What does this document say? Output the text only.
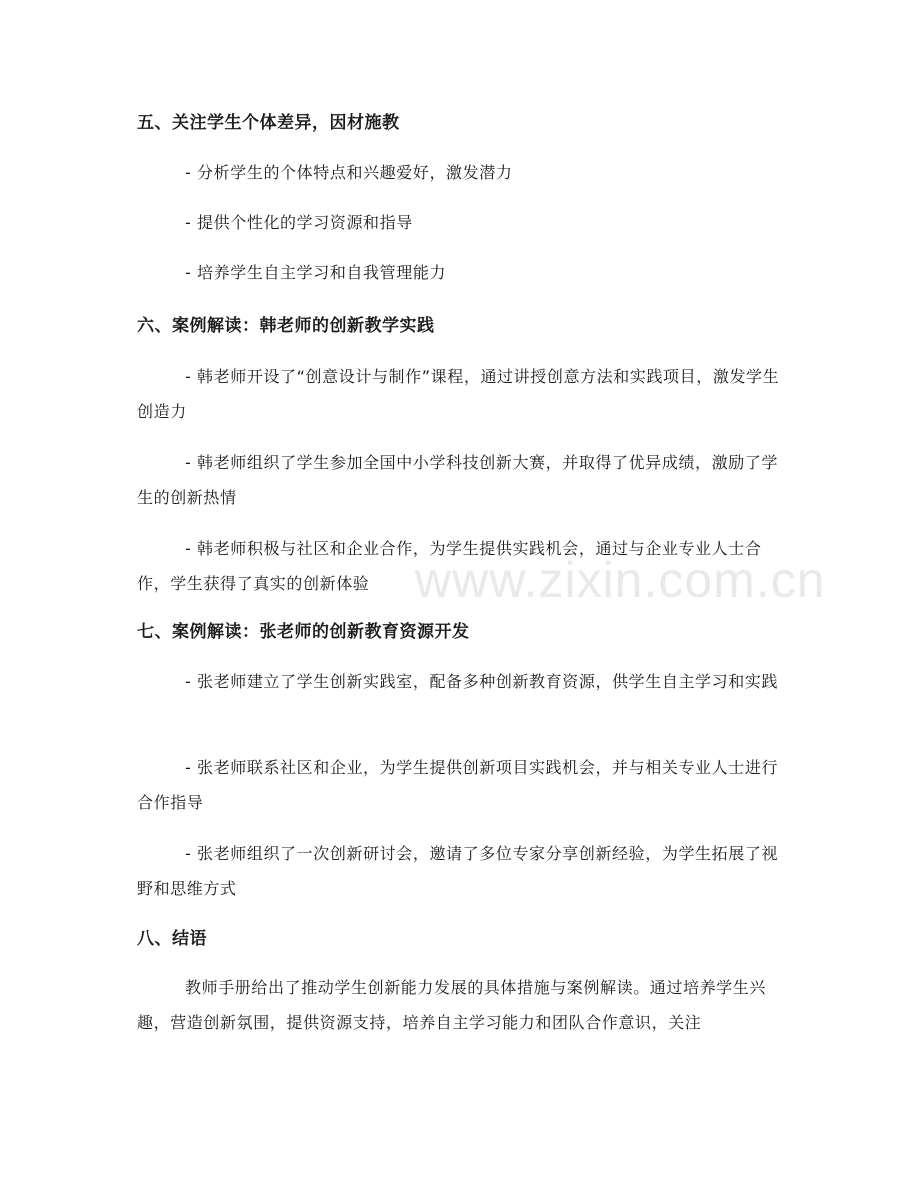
www.zixin.com.cn
五、关注学生个体差异，因材施教
- 分析学生的个体特点和兴趣爱好，激发潜力
- 提供个性化的学习资源和指导
- 培养学生自主学习和自我管理能力
六、案例解读：韩老师的创新教学实践
- 韩老师开设了“创意设计与制作”课程，通过讲授创意方法和实践项目，激发学生创造力
- 韩老师组织了学生参加全国中小学科技创新大赛，并取得了优异成绩，激励了学生的创新热情
- 韩老师积极与社区和企业合作，为学生提供实践机会，通过与企业专业人士合作，学生获得了真实的创新体验
七、案例解读：张老师的创新教育资源开发
- 张老师建立了学生创新实践室，配备多种创新教育资源，供学生自主学习和实践
- 张老师联系社区和企业，为学生提供创新项目实践机会，并与相关专业人士进行合作指导
- 张老师组织了一次创新研讨会，邀请了多位专家分享创新经验，为学生拓展了视野和思维方式
八、结语
教师手册给出了推动学生创新能力发展的具体措施与案例解读。通过培养学生兴趣，营造创新氛围，提供资源支持，培养自主学习能力和团队合作意识，关注
